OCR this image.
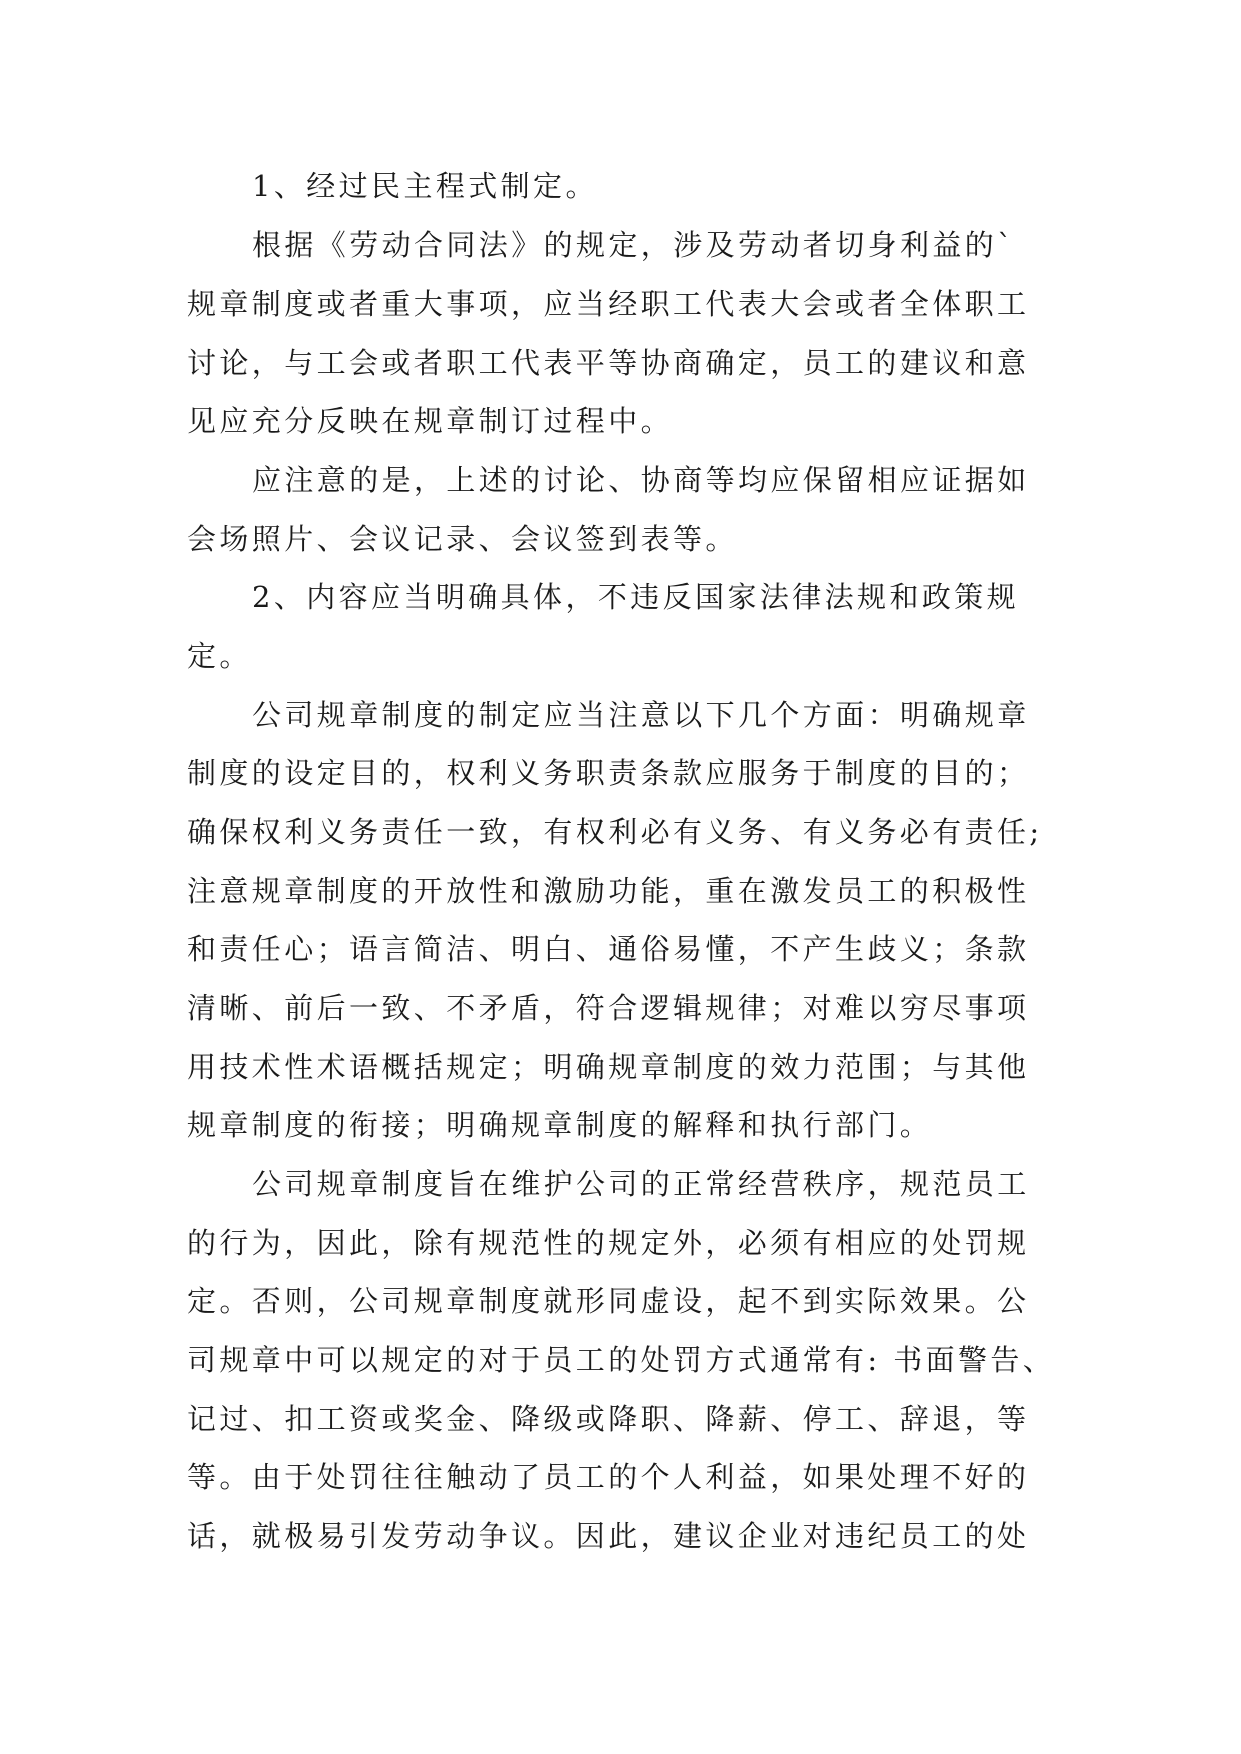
1、经过民主程式制定。
根据《劳动合同法》的规定，涉及劳动者切身利益的`
规章制度或者重大事项，应当经职工代表大会或者全体职工
讨论，与工会或者职工代表平等协商确定，员工的建议和意
见应充分反映在规章制订过程中。
应注意的是，上述的讨论、协商等均应保留相应证据如
会场照片、会议记录、会议签到表等。
2、内容应当明确具体，不违反国家法律法规和政策规
定。
公司规章制度的制定应当注意以下几个方面：明确规章
制度的设定目的，权利义务职责条款应服务于制度的目的；
确保权利义务责任一致，有权利必有义务、有义务必有责任;
注意规章制度的开放性和激励功能，重在激发员工的积极性
和责任心；语言简洁、明白、通俗易懂，不产生歧义；条款
清晰、前后一致、不矛盾，符合逻辑规律；对难以穷尽事项
用技术性术语概括规定；明确规章制度的效力范围；与其他
规章制度的衔接；明确规章制度的解释和执行部门。
公司规章制度旨在维护公司的正常经营秩序，规范员工
的行为，因此，除有规范性的规定外，必须有相应的处罚规
定。否则，公司规章制度就形同虚设，起不到实际效果。公
司规章中可以规定的对于员工的处罚方式通常有: 书面警告、
记过、扣工资或奖金、降级或降职、降薪、停工、辞退，等
等。由于处罚往往触动了员工的个人利益，如果处理不好的
话，就极易引发劳动争议。因此，建议企业对违纪员工的处
